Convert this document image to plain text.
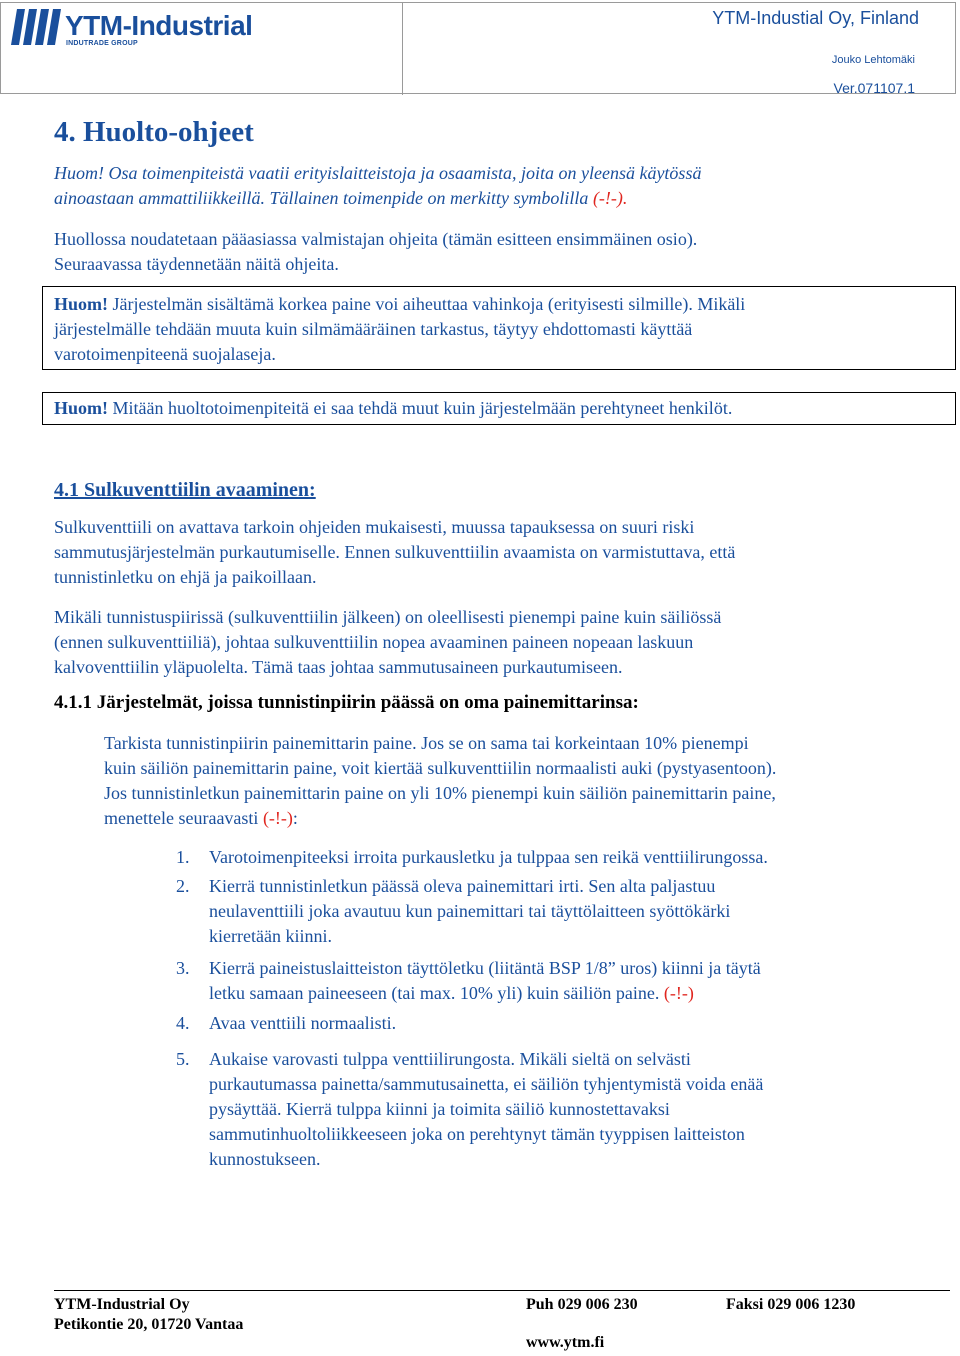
YTM-Industrial
INDUTRADE GROUP
YTM-Industial Oy, Finland
Jouko Lehtomäki
Ver.071107.1
4. Huolto-ohjeet
Huom! Osa toimenpiteistä vaatii erityislaitteistoja ja osaamista, joita on yleensä käytössä
ainoastaan ammattiliikkeillä. Tällainen toimenpide on merkitty symbolilla (-!-).
Huollossa noudatetaan pääasiassa valmistajan ohjeita (tämän esitteen ensimmäinen osio).
Seuraavassa täydennetään näitä ohjeita.
Huom! Järjestelmän sisältämä korkea paine voi aiheuttaa vahinkoja (erityisesti silmille). Mikäli
järjestelmälle tehdään muuta kuin silmämääräinen tarkastus, täytyy ehdottomasti käyttää
varotoimenpiteenä suojalaseja.
Huom! Mitään huoltotoimenpiteitä ei saa tehdä muut kuin järjestelmään perehtyneet henkilöt.
4.1 Sulkuventtiilin avaaminen:
Sulkuventtiili on avattava tarkoin ohjeiden mukaisesti, muussa tapauksessa on suuri riski
sammutusjärjestelmän purkautumiselle. Ennen sulkuventtiilin avaamista on varmistuttava, että
tunnistinletku on ehjä ja paikoillaan.
Mikäli tunnistuspiirissä (sulkuventtiilin jälkeen) on oleellisesti pienempi paine kuin säiliössä
(ennen sulkuventtiiliä), johtaa sulkuventtiilin nopea avaaminen paineen nopeaan laskuun
kalvoventtiilin yläpuolelta. Tämä taas johtaa sammutusaineen purkautumiseen.
4.1.1 Järjestelmät, joissa tunnistinpiirin päässä on oma painemittarinsa:
Tarkista tunnistinpiirin painemittarin paine. Jos se on sama tai korkeintaan 10% pienempi
kuin säiliön painemittarin paine, voit kiertää sulkuventtiilin normaalisti auki (pystyasentoon).
Jos tunnistinletkun painemittarin paine on yli 10% pienempi kuin säiliön painemittarin paine,
menettele seuraavasti (-!-):
1. Varotoimenpiteeksi irroita purkausletku ja tulppaa sen reikä venttiilirungossa.
2. Kierrä tunnistinletkun päässä oleva painemittari irti. Sen alta paljastuu
neulaventtiili joka avautuu kun painemittari tai täyttölaitteen syöttökärki
kierretään kiinni.
3. Kierrä paineistuslaitteiston täyttöletku (liitäntä BSP 1/8” uros) kiinni ja täytä
letku samaan paineeseen (tai max. 10% yli) kuin säiliön paine. (-!-)
4. Avaa venttiili normaalisti.
5. Aukaise varovasti tulppa venttiilirungosta. Mikäli sieltä on selvästi
purkautumassa painetta/sammutusainetta, ei säiliön tyhjentymistä voida enää
pysäyttää. Kierrä tulppa kiinni ja toimita säiliö kunnostettavaksi
sammutinhuoltoliikkeeseen joka on perehtynyt tämän tyyppisen laitteiston
kunnostukseen.
YTM-Industrial Oy
Petikontie 20, 01720 Vantaa
Puh 029 006 230	Faksi 029 006 1230
www.ytm.fi
